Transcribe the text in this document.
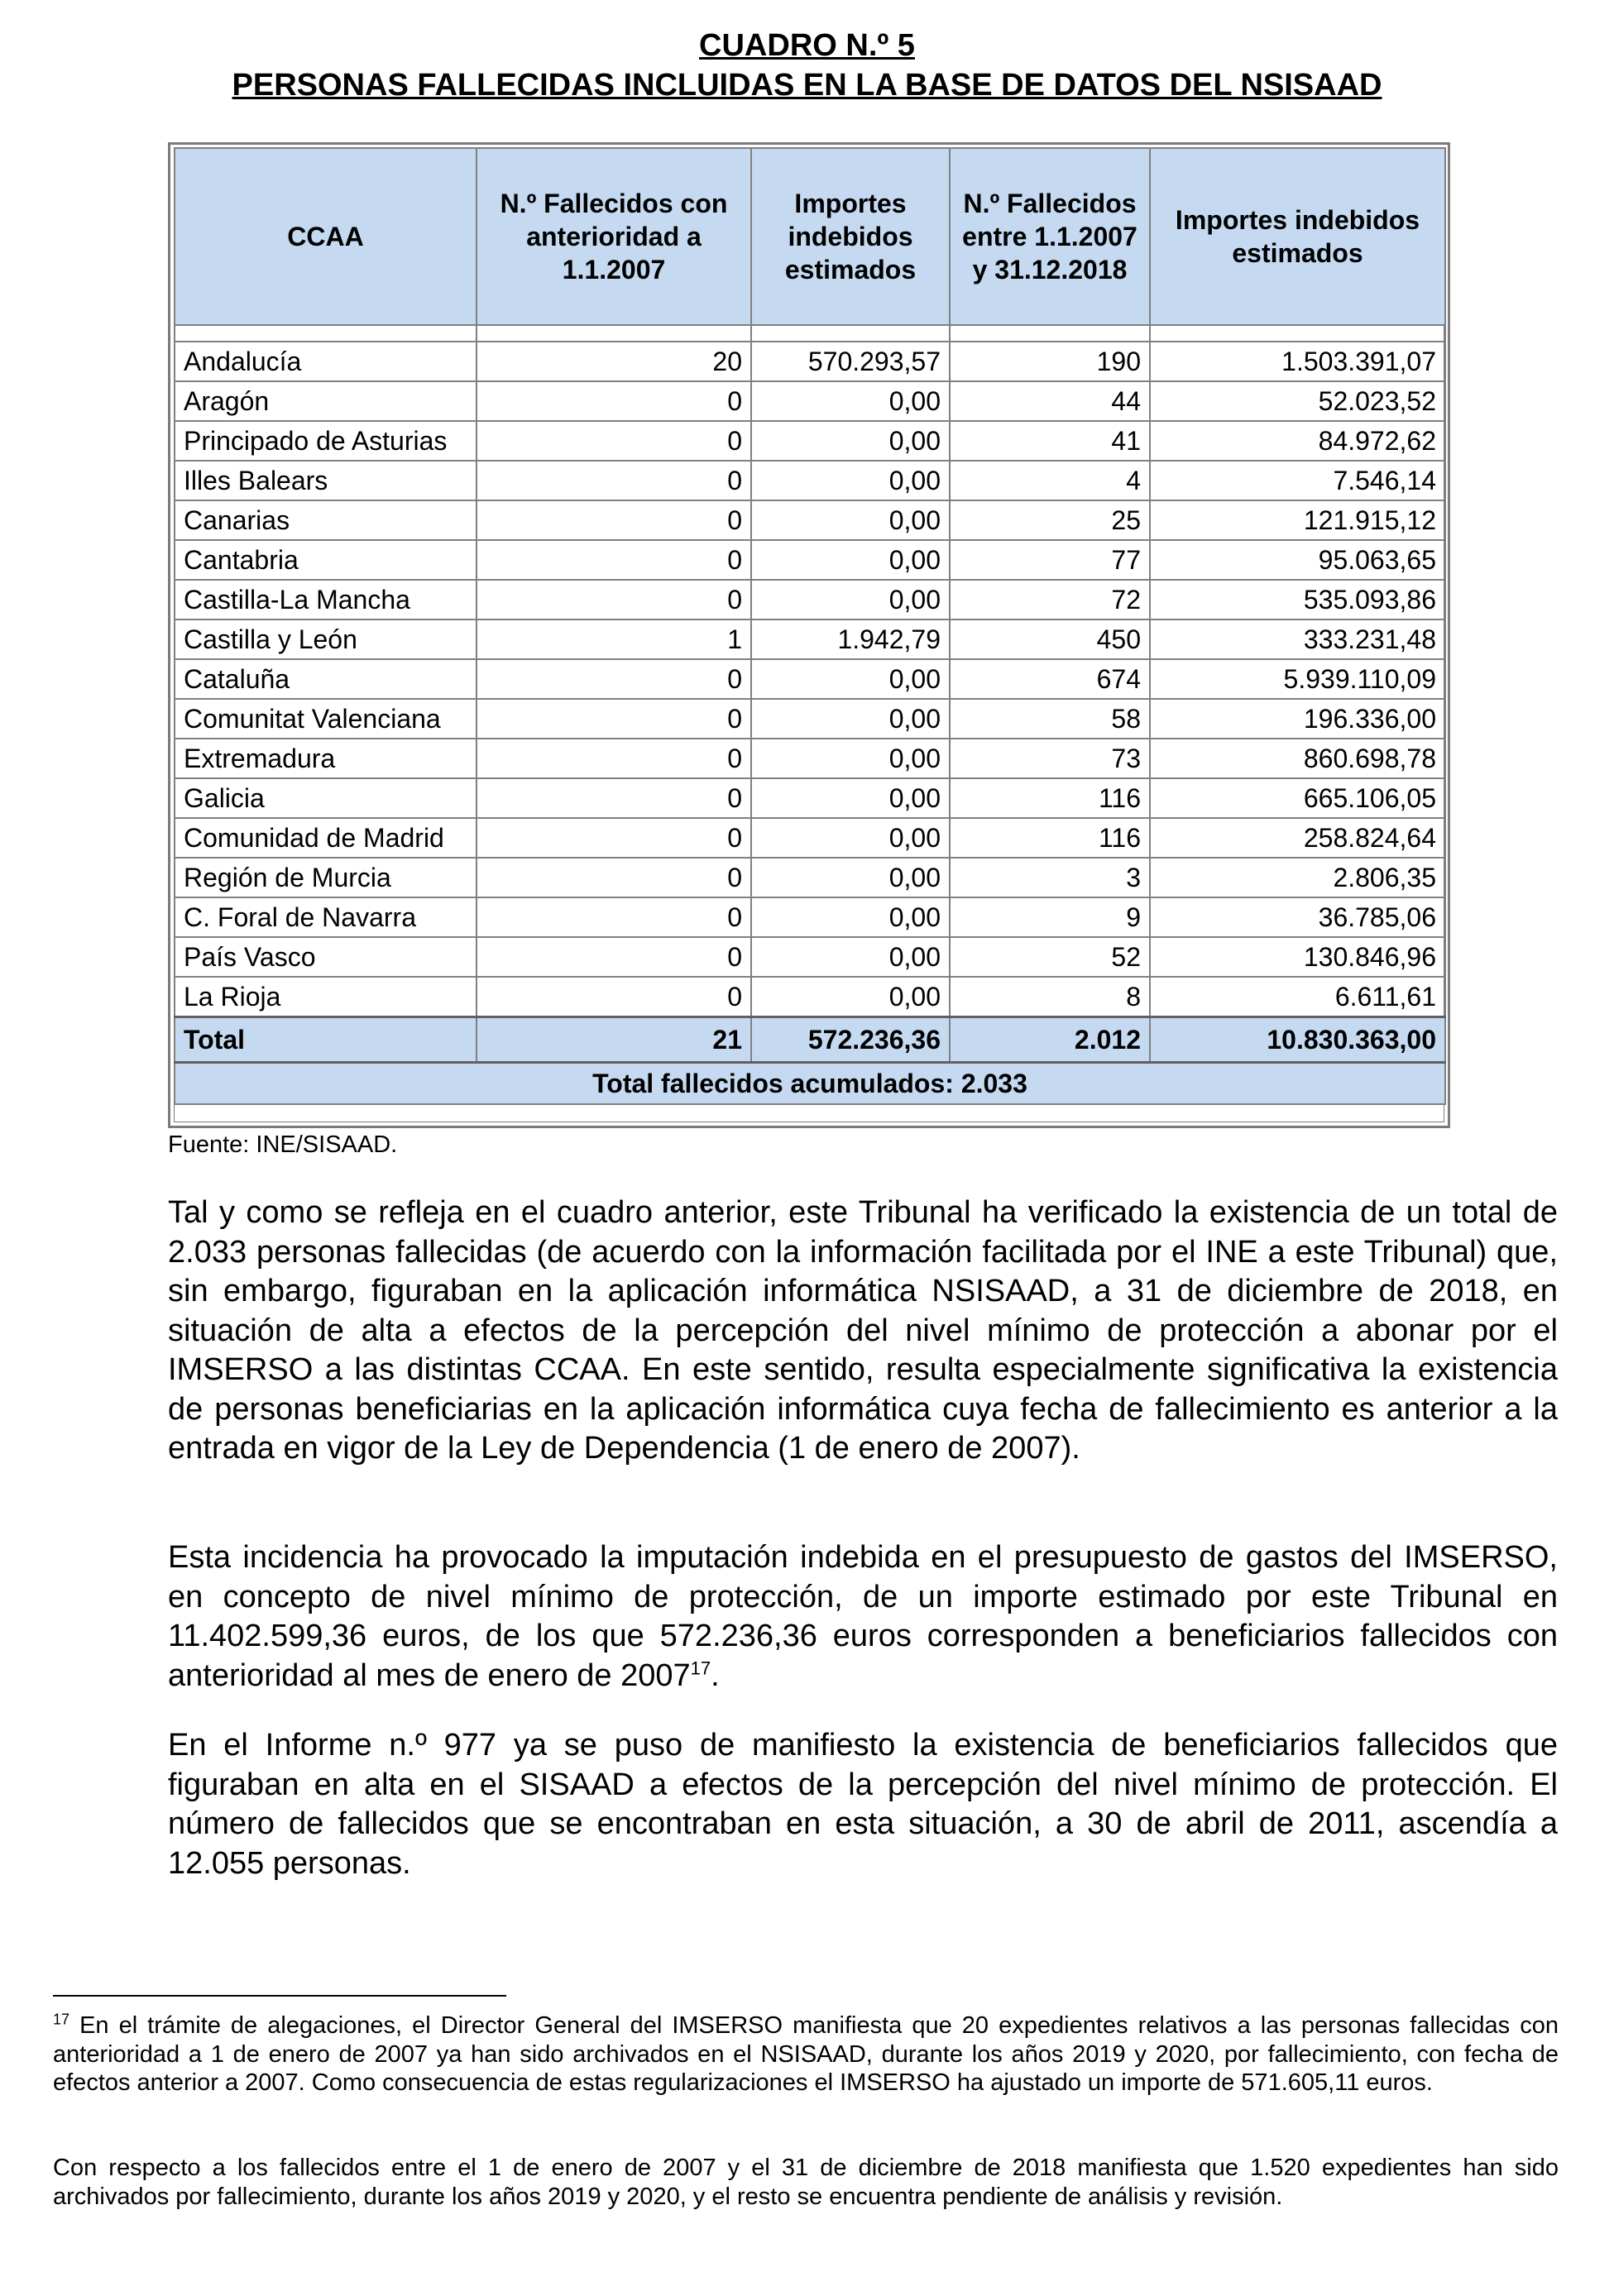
CUADRO N.º 5
PERSONAS FALLECIDAS INCLUIDAS EN LA BASE DE DATOS DEL NSISAAD
CCAA	N.º Fallecidos con anterioridad a 1.1.2007	Importes indebidos estimados	N.º Fallecidos entre 1.1.2007 y 31.12.2018	Importes indebidos estimados

Andalucía	20	570.293,57	190	1.503.391,07
Aragón	0	0,00	44	52.023,52
Principado de Asturias	0	0,00	41	84.972,62
Illes Balears	0	0,00	4	7.546,14
Canarias	0	0,00	25	121.915,12
Cantabria	0	0,00	77	95.063,65
Castilla-La Mancha	0	0,00	72	535.093,86
Castilla y León	1	1.942,79	450	333.231,48
Cataluña	0	0,00	674	5.939.110,09
Comunitat Valenciana	0	0,00	58	196.336,00
Extremadura	0	0,00	73	860.698,78
Galicia	0	0,00	116	665.106,05
Comunidad de Madrid	0	0,00	116	258.824,64
Región de Murcia	0	0,00	3	2.806,35
C. Foral de Navarra	0	0,00	9	36.785,06
País Vasco	0	0,00	52	130.846,96
La Rioja	0	0,00	8	6.611,61
Total	21	572.236,36	2.012	10.830.363,00
Total fallecidos acumulados: 2.033				
Fuente: INE/SISAAD.
Tal y como se refleja en el cuadro anterior, este Tribunal ha verificado la existencia de un total de 2.033 personas fallecidas (de acuerdo con la información facilitada por el INE a este Tribunal) que, sin embargo, figuraban en la aplicación informática NSISAAD, a 31 de diciembre de 2018, en situación de alta a efectos de la percepción del nivel mínimo de protección a abonar por el IMSERSO a las distintas CCAA. En este sentido, resulta especialmente significativa la existencia de personas beneficiarias en la aplicación informática cuya fecha de fallecimiento es anterior a la entrada en vigor de la Ley de Dependencia (1 de enero de 2007).
Esta incidencia ha provocado la imputación indebida en el presupuesto de gastos del IMSERSO, en concepto de nivel mínimo de protección, de un importe estimado por este Tribunal en 11.402.599,36 euros, de los que 572.236,36 euros corresponden a beneficiarios fallecidos con anterioridad al mes de enero de 2007$^{17}$.
En el Informe n.º 977 ya se puso de manifiesto la existencia de beneficiarios fallecidos que figuraban en alta en el SISAAD a efectos de la percepción del nivel mínimo de protección. El número de fallecidos que se encontraban en esta situación, a 30 de abril de 2011, ascendía a 12.055 personas.
$^{17}$ En el trámite de alegaciones, el Director General del IMSERSO manifiesta que 20 expedientes relativos a las personas fallecidas con anterioridad a 1 de enero de 2007 ya han sido archivados en el NSISAAD, durante los años 2019 y 2020, por fallecimiento, con fecha de efectos anterior a 2007. Como consecuencia de estas regularizaciones el IMSERSO ha ajustado un importe de 571.605,11 euros.
Con respecto a los fallecidos entre el 1 de enero de 2007 y el 31 de diciembre de 2018 manifiesta que 1.520 expedientes han sido archivados por fallecimiento, durante los años 2019 y 2020, y el resto se encuentra pendiente de análisis y revisión.
